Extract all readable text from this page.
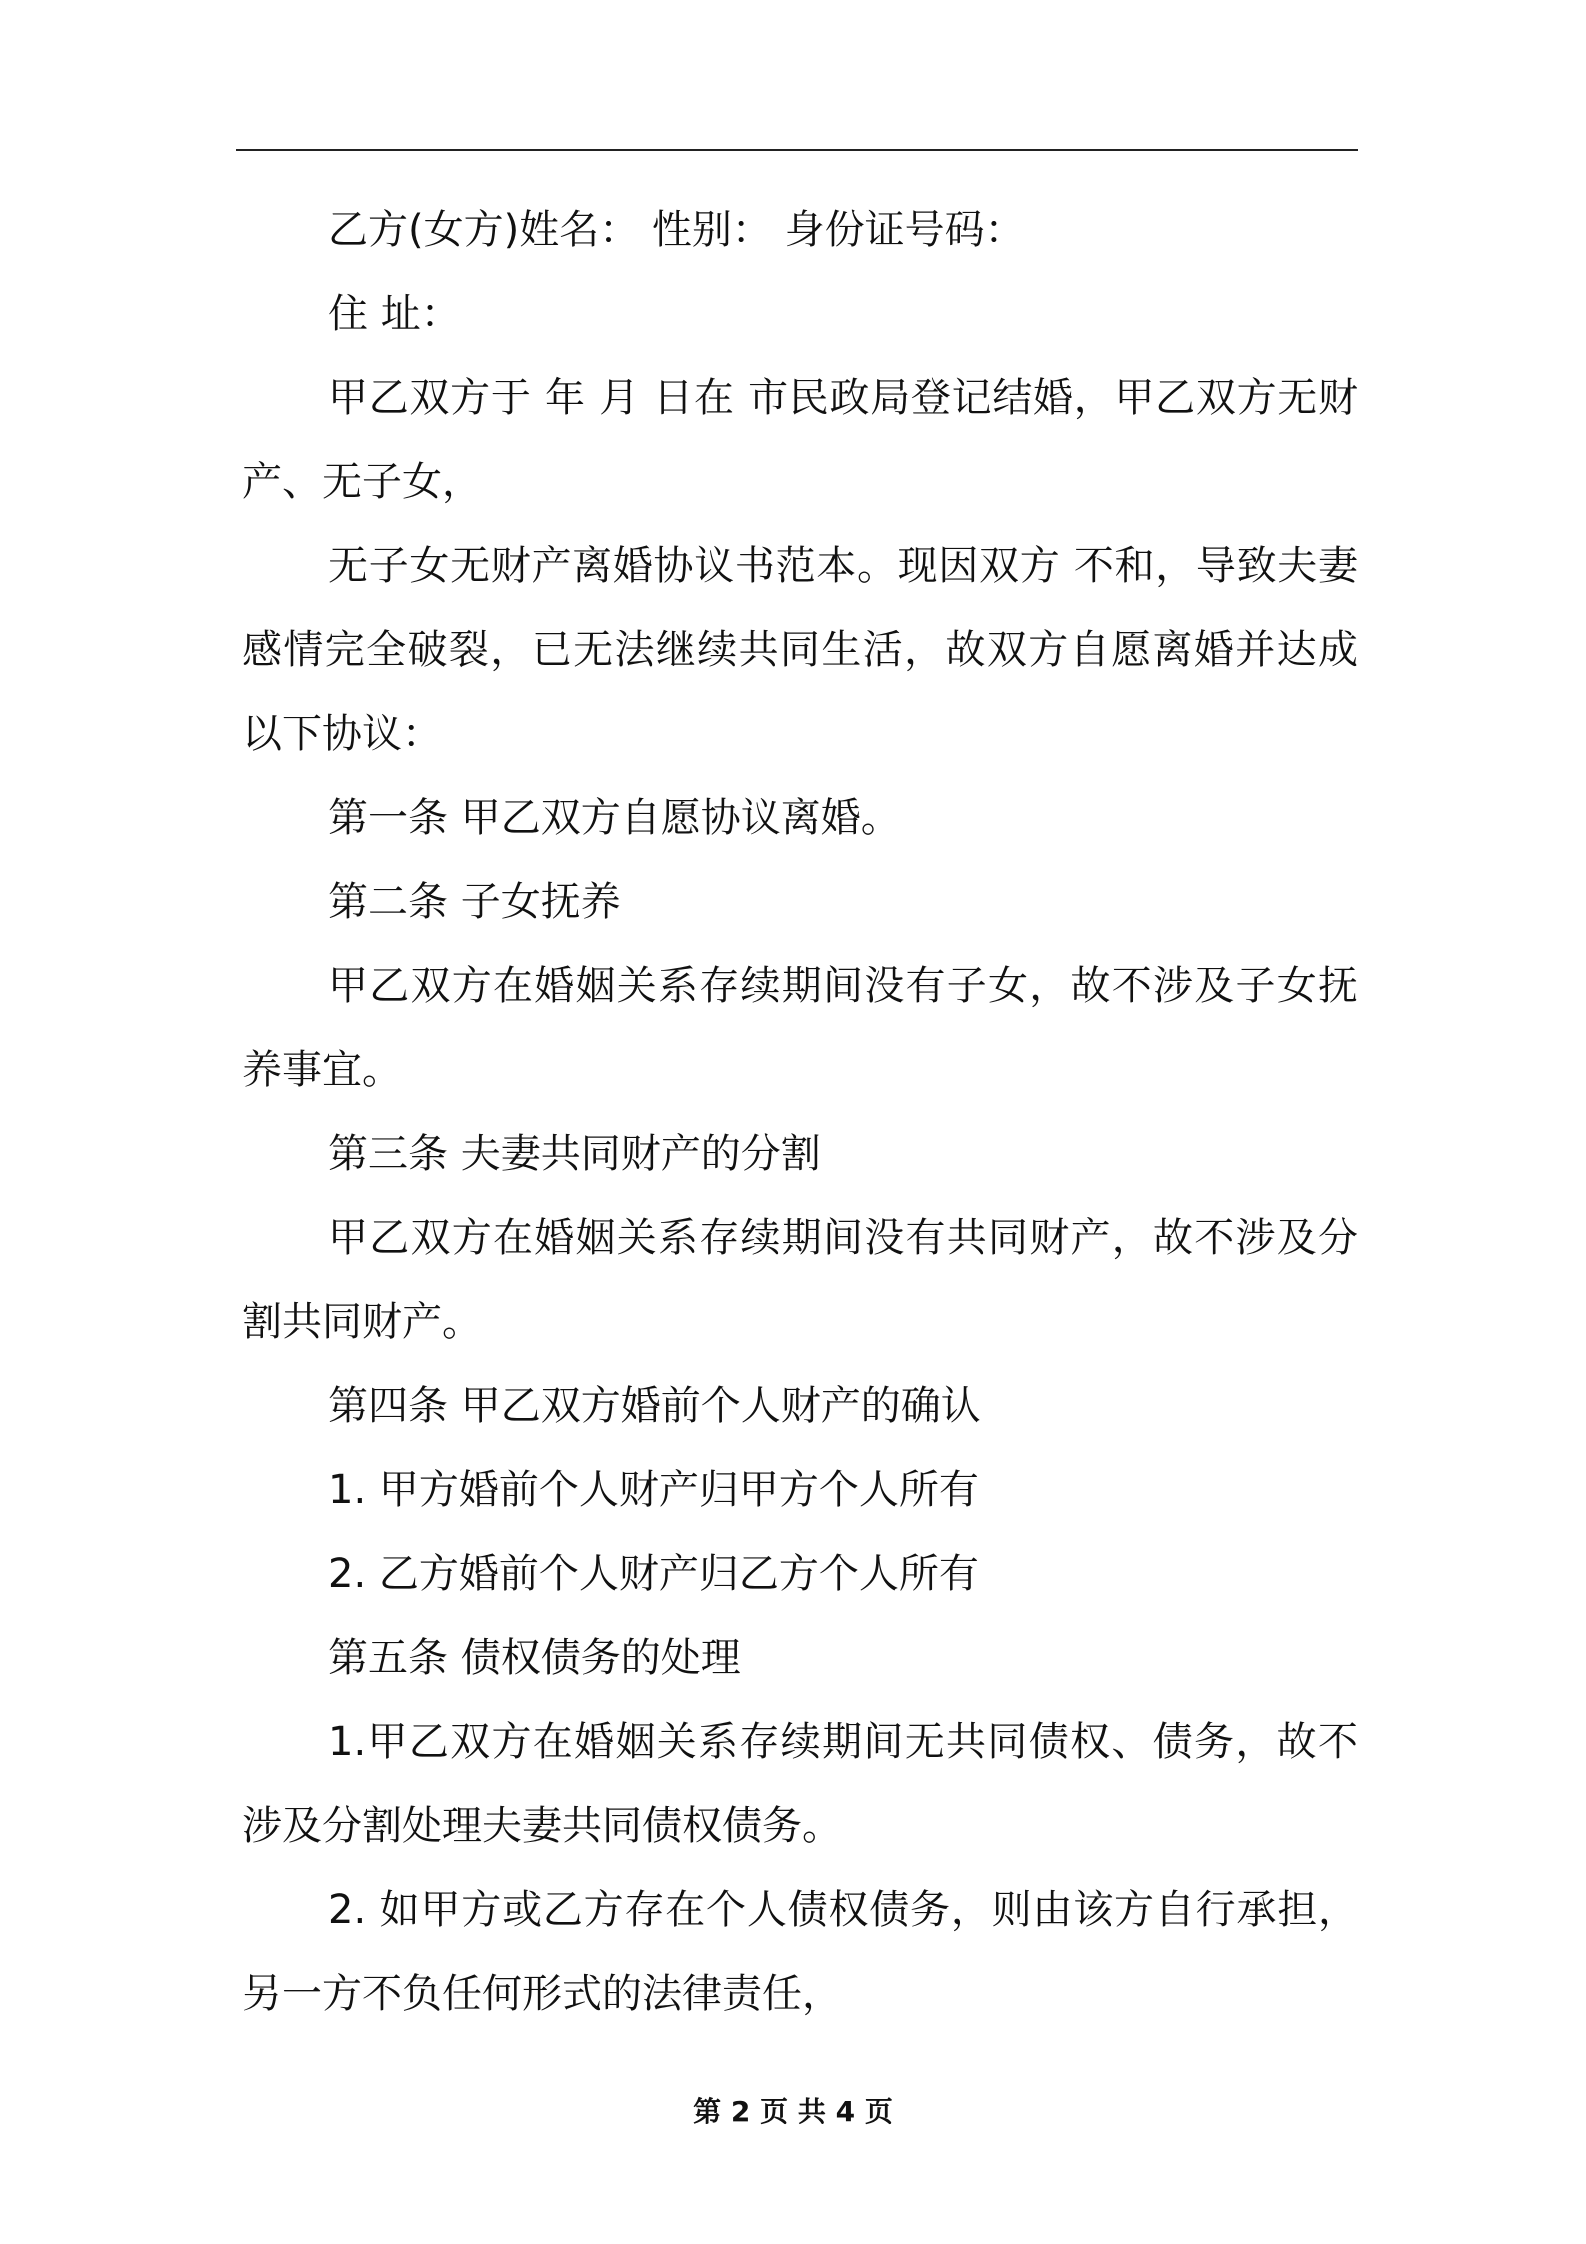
乙方(女方)姓名： 性别： 身份证号码：

住 址：

甲乙双方于 年 月 日在 市民政局登记结婚，甲乙双方无财产、无子女，

无子女无财产离婚协议书范本。现因双方 不和，导致夫妻感情完全破裂，已无法继续共同生活，故双方自愿离婚并达成以下协议：

第一条 甲乙双方自愿协议离婚。

第二条 子女抚养

甲乙双方在婚姻关系存续期间没有子女，故不涉及子女抚养事宜。

第三条 夫妻共同财产的分割

甲乙双方在婚姻关系存续期间没有共同财产，故不涉及分割共同财产。

第四条 甲乙双方婚前个人财产的确认

1. 甲方婚前个人财产归甲方个人所有

2. 乙方婚前个人财产归乙方个人所有

第五条 债权债务的处理

1.甲乙双方在婚姻关系存续期间无共同债权、债务，故不涉及分割处理夫妻共同债权债务。

2. 如甲方或乙方存在个人债权债务，则由该方自行承担，另一方不负任何形式的法律责任，

第 2 页 共 4 页
